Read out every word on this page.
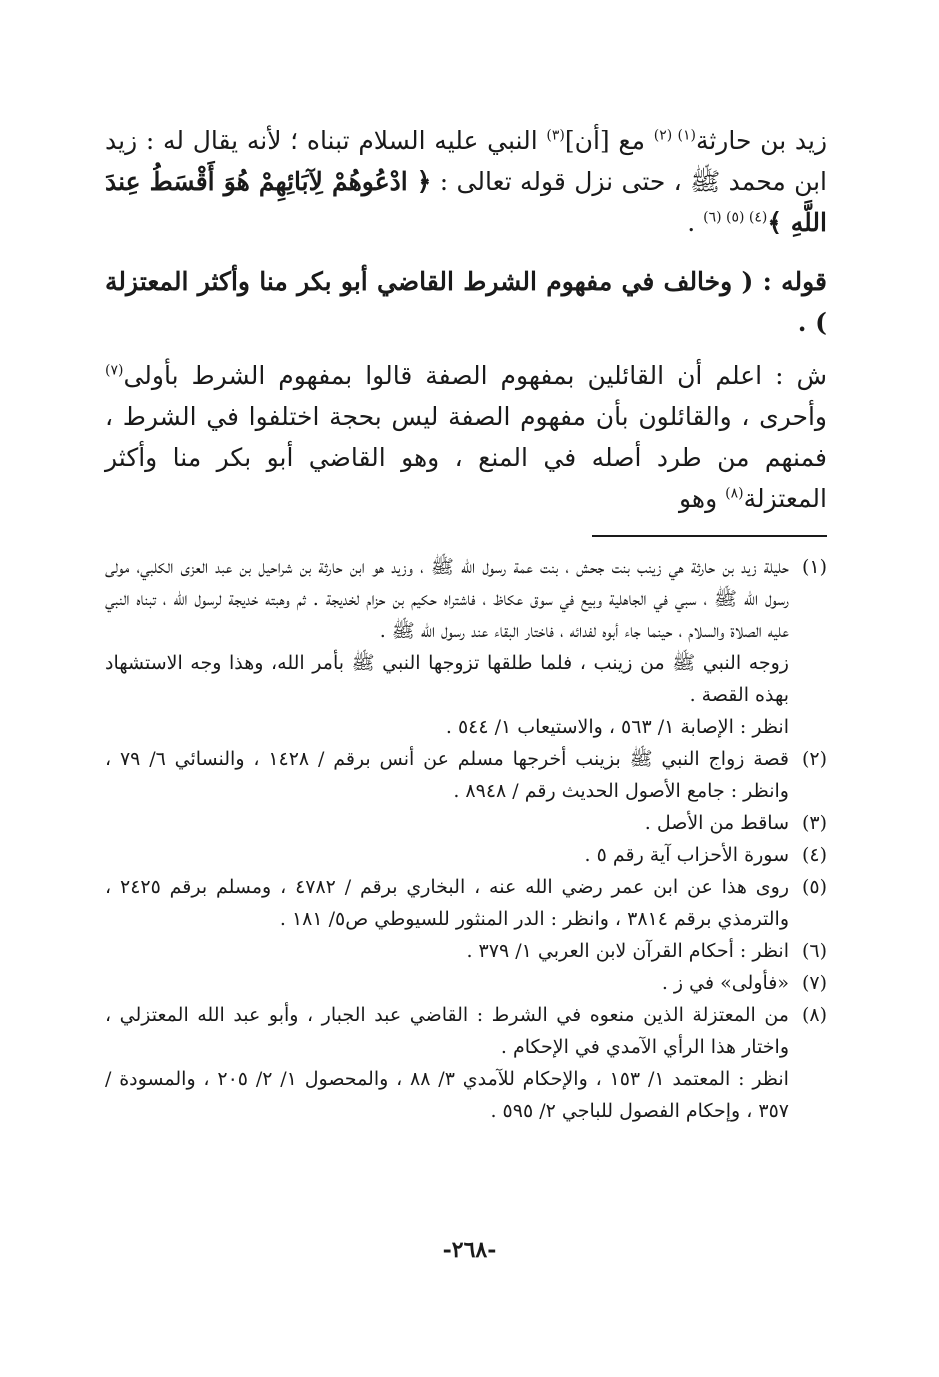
زيد بن حارثة$^{(١) (٢)}$ مع [أن]$^{(٣)}$ النبي عليه السلام تبناه ؛ لأنه يقال له : زيد ابن محمد ﷺ ، حتى نزل قوله تعالى : ﴿ ادْعُوهُمْ لِآبَائِهِمْ هُوَ أَقْسَطُ عِندَ اللَّهِ ﴾$^{(٤) (٥) (٦)}$ .

قوله : ( وخالف في مفهوم الشرط القاضي أبو بكر منا وأكثر المعتزلة ) .

ش : اعلم أن القائلين بمفهوم الصفة قالوا بمفهوم الشرط بأولى$^{(٧)}$ وأحرى ، والقائلون بأن مفهوم الصفة ليس بحجة اختلفوا في الشرط ، فمنهم من طرد أصله في المنع ، وهو القاضي أبو بكر منا وأكثر المعتزلة$^{(٨)}$ وهو

(١)

حليلة زيد بن حارثة هي زينب بنت جحش ، بنت عمة رسول الله ﷺ ، وزيد هو ابن حارثة بن شراحيل بن عبد العزى الكلبي، مولى رسول الله ﷺ ، سبي في الجاهلية وبيع في سوق عكاظ ، فاشتراه حكيم بن حزام لخديجة . ثم وهبته خديجة لرسول الله ، تبناه النبي عليه الصلاة والسلام ، حينما جاء أبوه لفدائه ، فاختار البقاء عند رسول الله ﷺ .

زوجه النبي ﷺ من زينب ، فلما طلقها تزوجها النبي ﷺ بأمر الله، وهذا وجه الاستشهاد بهذه القصة .

انظر : الإصابة ١/ ٥٦٣ ، والاستيعاب ١/ ٥٤٤ .

(٢)

قصة زواج النبي ﷺ بزينب أخرجها مسلم عن أنس برقم / ١٤٢٨ ، والنسائي ٦/ ٧٩ ، وانظر : جامع الأصول الحديث رقم / ٨٩٤٨ .

(٣)

ساقط من الأصل .

(٤)

سورة الأحزاب آية رقم ٥ .

(٥)

روى هذا عن ابن عمر رضي الله عنه ، البخاري برقم / ٤٧٨٢ ، ومسلم برقم ٢٤٢٥ ، والترمذي برقم ٣٨١٤ ، وانظر : الدر المنثور للسيوطي ص٥/ ١٨١ .

(٦)

انظر : أحكام القرآن لابن العربي ١/ ٣٧٩ .

(٧)

«فأولى» في ز .

(٨)

من المعتزلة الذين منعوه في الشرط : القاضي عبد الجبار ، وأبو عبد الله المعتزلي ، واختار هذا الرأي الآمدي في الإحكام .

انظر : المعتمد ١/ ١٥٣ ، والإحكام للآمدي ٣/ ٨٨ ، والمحصول ١/ ٢/ ٢٠٥ ، والمسودة / ٣٥٧ ، وإحكام الفصول للباجي ٢/ ٥٩٥ .

-٢٦٨-
